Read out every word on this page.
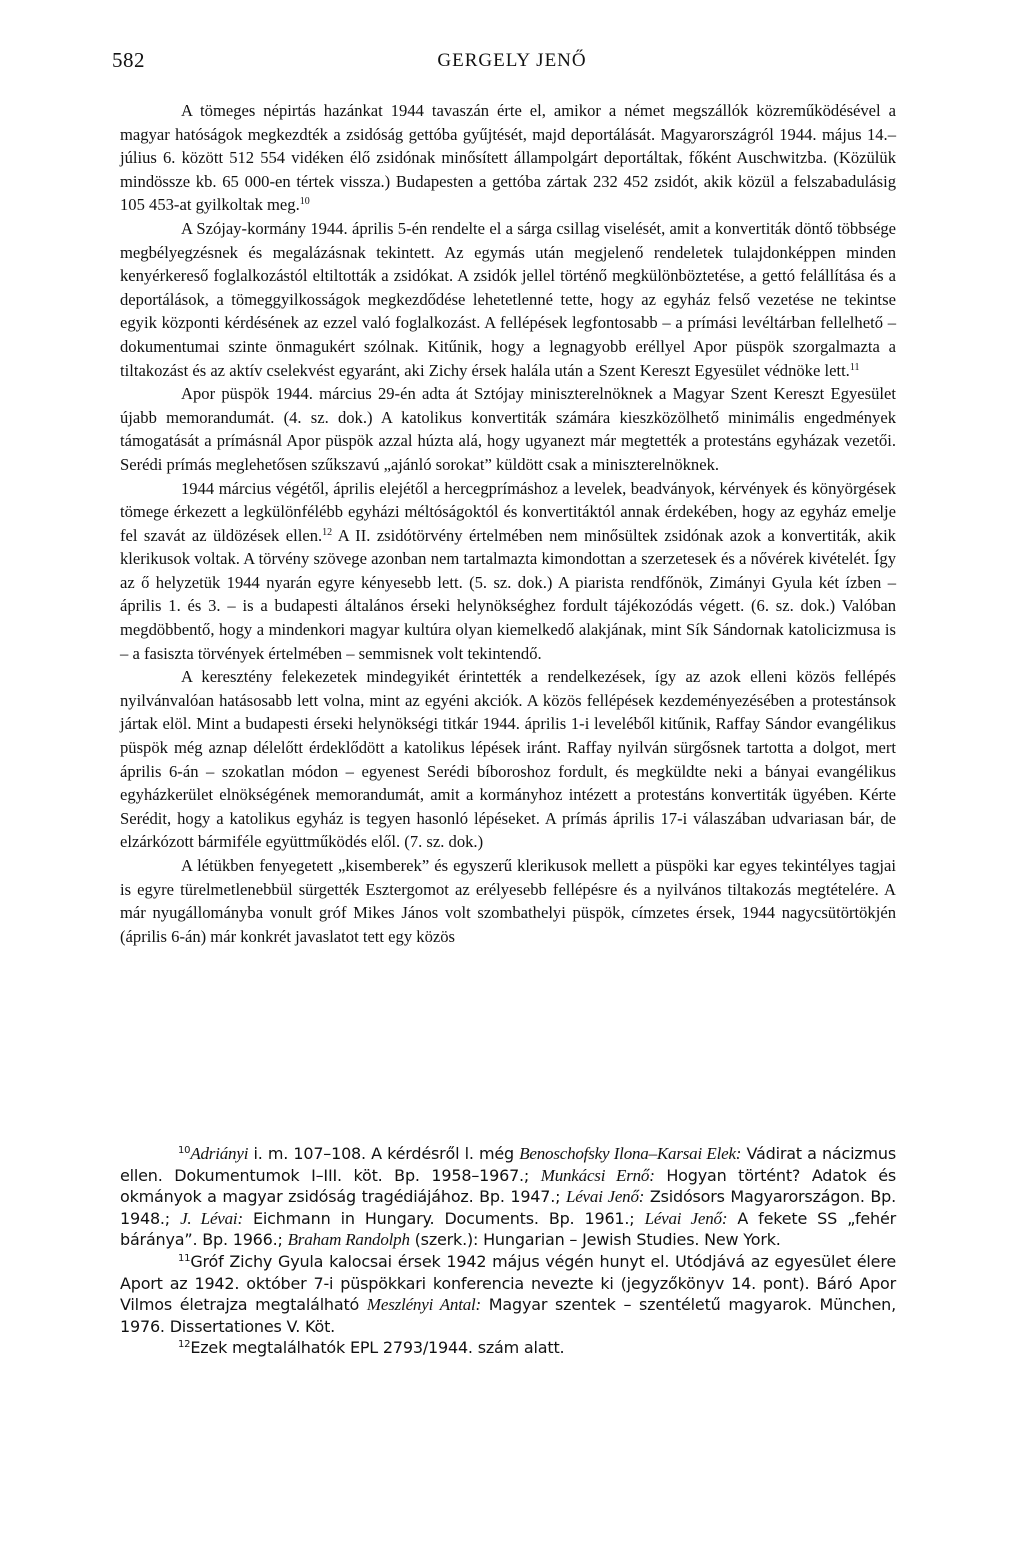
582	GERGELY JENŐ

A tömeges népirtás hazánkat 1944 tavaszán érte el, amikor a német megszállók közreműködésével a magyar hatóságok megkezdték a zsidóság gettóba gyűjtését, majd deportálását. Magyarországról 1944. május 14.–július 6. között 512 554 vidéken élő zsidónak minősített állampolgárt deportáltak, főként Auschwitzba. (Közülük mindössze kb. 65 000-en tértek vissza.) Budapesten a gettóba zártak 232 452 zsidót, akik közül a felszabadulásig 105 453-at gyilkoltak meg.$^{10}$

A Szójay-kormány 1944. április 5-én rendelte el a sárga csillag viselését, amit a konvertiták döntő többsége megbélyegzésnek és megalázásnak tekintett. Az egymás után megjelenő rendeletek tulajdonképpen minden kenyérkereső foglalkozástól eltiltották a zsidókat. A zsidók jellel történő megkülönböztetése, a gettó felállítása és a deportálások, a tömeggyilkosságok megkezdődése lehetetlenné tette, hogy az egyház felső vezetése ne tekintse egyik központi kérdésének az ezzel való foglalkozást. A fellépések legfontosabb – a prímási levéltárban fellelhető – dokumentumai szinte önmagukért szólnak. Kitűnik, hogy a legnagyobb eréllyel Apor püspök szorgalmazta a tiltakozást és az aktív cselekvést egyaránt, aki Zichy érsek halála után a Szent Kereszt Egyesület védnöke lett.$^{11}$

Apor püspök 1944. március 29-én adta át Sztójay miniszterelnöknek a Magyar Szent Kereszt Egyesület újabb memorandumát. (4. sz. dok.) A katolikus konvertiták számára kieszközölhető minimális engedmények támogatását a prímásnál Apor püspök azzal húzta alá, hogy ugyanezt már megtették a protestáns egyházak vezetői. Serédi prímás meglehetősen szűkszavú „ajánló sorokat” küldött csak a miniszterelnöknek.

1944 március végétől, április elejétől a hercegprímáshoz a levelek, beadványok, kérvények és könyörgések tömege érkezett a legkülönfélébb egyházi méltóságoktól és konvertitáktól annak érdekében, hogy az egyház emelje fel szavát az üldözések ellen.$^{12}$ A II. zsidótörvény értelmében nem minősültek zsidónak azok a konvertiták, akik klerikusok voltak. A törvény szövege azonban nem tartalmazta kimondottan a szerzetesek és a nővérek kivételét. Így az ő helyzetük 1944 nyarán egyre kényesebb lett. (5. sz. dok.) A piarista rendfőnök, Zimányi Gyula két ízben – április 1. és 3. – is a budapesti általános érseki helynökséghez fordult tájékozódás végett. (6. sz. dok.) Valóban megdöbbentő, hogy a mindenkori magyar kultúra olyan kiemelkedő alakjának, mint Sík Sándornak katolicizmusa is – a fasiszta törvények értelmében – semmisnek volt tekintendő.

A keresztény felekezetek mindegyikét érintették a rendelkezések, így az azok elleni közös fellépés nyilvánvalóan hatásosabb lett volna, mint az egyéni akciók. A közös fellépések kezdeményezésében a protestánsok jártak elöl. Mint a budapesti érseki helynökségi titkár 1944. április 1-i leveléből kitűnik, Raffay Sándor evangélikus püspök még aznap délelőtt érdeklődött a katolikus lépések iránt. Raffay nyilván sürgősnek tartotta a dolgot, mert április 6-án – szokatlan módon – egyenest Serédi bíboroshoz fordult, és megküldte neki a bányai evangélikus egyházkerület elnökségének memorandumát, amit a kormányhoz intézett a protestáns konvertiták ügyében. Kérte Serédit, hogy a katolikus egyház is tegyen hasonló lépéseket. A prímás április 17-i válaszában udvariasan bár, de elzárkózott bármiféle együttműködés elől. (7. sz. dok.)

A létükben fenyegetett „kisemberek” és egyszerű klerikusok mellett a püspöki kar egyes tekintélyes tagjai is egyre türelmetlenebbül sürgették Esztergomot az erélyesebb fellépésre és a nyilvános tiltakozás megtételére. A már nyugállományba vonult gróf Mikes János volt szombathelyi püspök, címzetes érsek, 1944 nagycsütörtökjén (április 6-án) már konkrét javaslatot tett egy közös

$^{10}$Adriányi i. m. 107–108. A kérdésről l. még Benoschofsky Ilona–Karsai Elek: Vádirat a nácizmus ellen. Dokumentumok I–III. köt. Bp. 1958–1967.; Munkácsi Ernő: Hogyan történt? Adatok és okmányok a magyar zsidóság tragédiájához. Bp. 1947.; Lévai Jenő: Zsidósors Magyarországon. Bp. 1948.; J. Lévai: Eichmann in Hungary. Documents. Bp. 1961.; Lévai Jenő: A fekete SS „fehér báránya”. Bp. 1966.; Braham Randolph (szerk.): Hungarian – Jewish Studies. New York.

$^{11}$Gróf Zichy Gyula kalocsai érsek 1942 május végén hunyt el. Utódjává az egyesület élere Aport az 1942. október 7-i püspökkari konferencia nevezte ki (jegyzőkönyv 14. pont). Báró Apor Vilmos életrajza megtalálható Meszlényi Antal: Magyar szentek – szentéletű magyarok. München, 1976. Dissertationes V. Köt.

$^{12}$Ezek megtalálhatók EPL 2793/1944. szám alatt.
